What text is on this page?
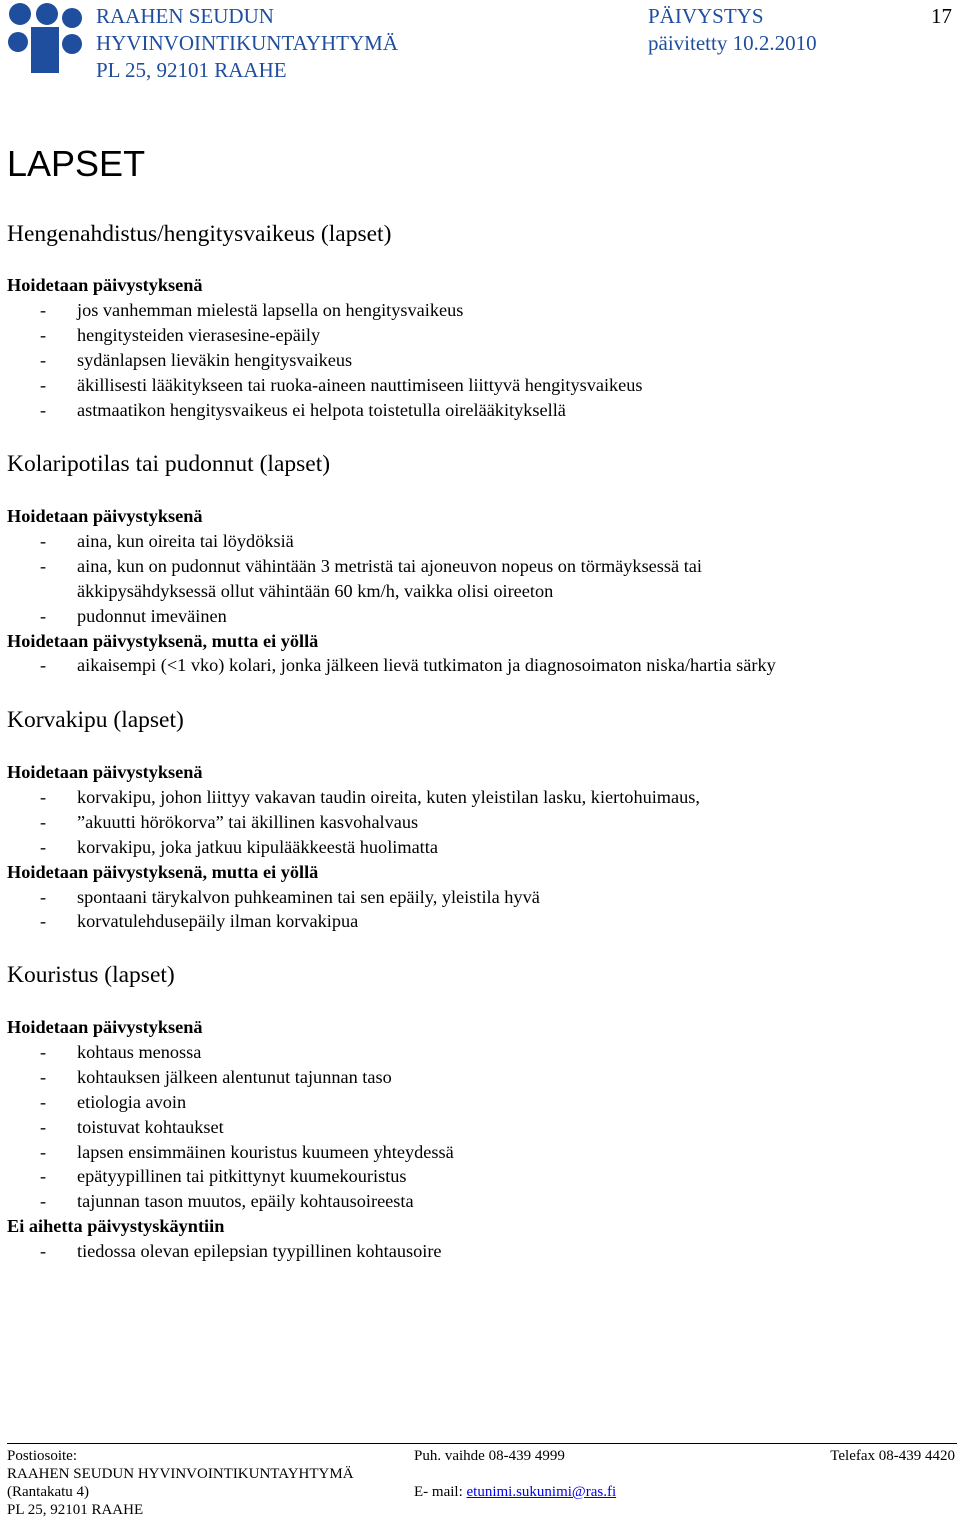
RAAHEN SEUDUN
HYVINVOINTIKUNTAYHTYMÄ
PL 25, 92101 RAAHE
PÄIVYSTYS
päivitetty 10.2.2010
17
LAPSET
Hengenahdistus/hengitysvaikeus (lapset)
Hoidetaan päivystyksenä
- jos vanhemman mielestä lapsella on hengitysvaikeus
- hengitysteiden vierasesine-epäily
- sydänlapsen lieväkin hengitysvaikeus
- äkillisesti lääkitykseen tai ruoka-aineen nauttimiseen liittyvä hengitysvaikeus
- astmaatikon hengitysvaikeus ei helpota toistetulla oirelääkityksellä
Kolaripotilas tai pudonnut (lapset)
Hoidetaan päivystyksenä
- aina, kun oireita tai löydöksiä
- aina, kun on pudonnut vähintään 3 metristä tai ajoneuvon nopeus on törmäyksessä tai
äkkipysähdyksessä ollut vähintään 60 km/h, vaikka olisi oireeton
- pudonnut imeväinen
Hoidetaan päivystyksenä, mutta ei yöllä
- aikaisempi (<1 vko) kolari, jonka jälkeen lievä tutkimaton ja diagnosoimaton niska/hartia särky
Korvakipu (lapset)
Hoidetaan päivystyksenä
- korvakipu, johon liittyy vakavan taudin oireita, kuten yleistilan lasku, kiertohuimaus,
- ”akuutti hörökorva” tai äkillinen kasvohalvaus
- korvakipu, joka jatkuu kipulääkkeestä huolimatta
Hoidetaan päivystyksenä, mutta ei yöllä
- spontaani tärykalvon puhkeaminen tai sen epäily, yleistila hyvä
- korvatulehdusepäily ilman korvakipua
Kouristus (lapset)
Hoidetaan päivystyksenä
- kohtaus menossa
- kohtauksen jälkeen alentunut tajunnan taso
- etiologia avoin
- toistuvat kohtaukset
- lapsen ensimmäinen kouristus kuumeen yhteydessä
- epätyypillinen tai pitkittynyt kuumekouristus
- tajunnan tason muutos, epäily kohtausoireesta
Ei aihetta päivystyskäyntiin
- tiedossa olevan epilepsian tyypillinen kohtausoire
Postiosoite:
RAAHEN SEUDUN HYVINVOINTIKUNTAYHTYMÄ
(Rantakatu 4)
PL 25, 92101 RAAHE
Puh. vaihde 08-439 4999
E- mail: etunimi.sukunimi@ras.fi
Telefax 08-439 4420
